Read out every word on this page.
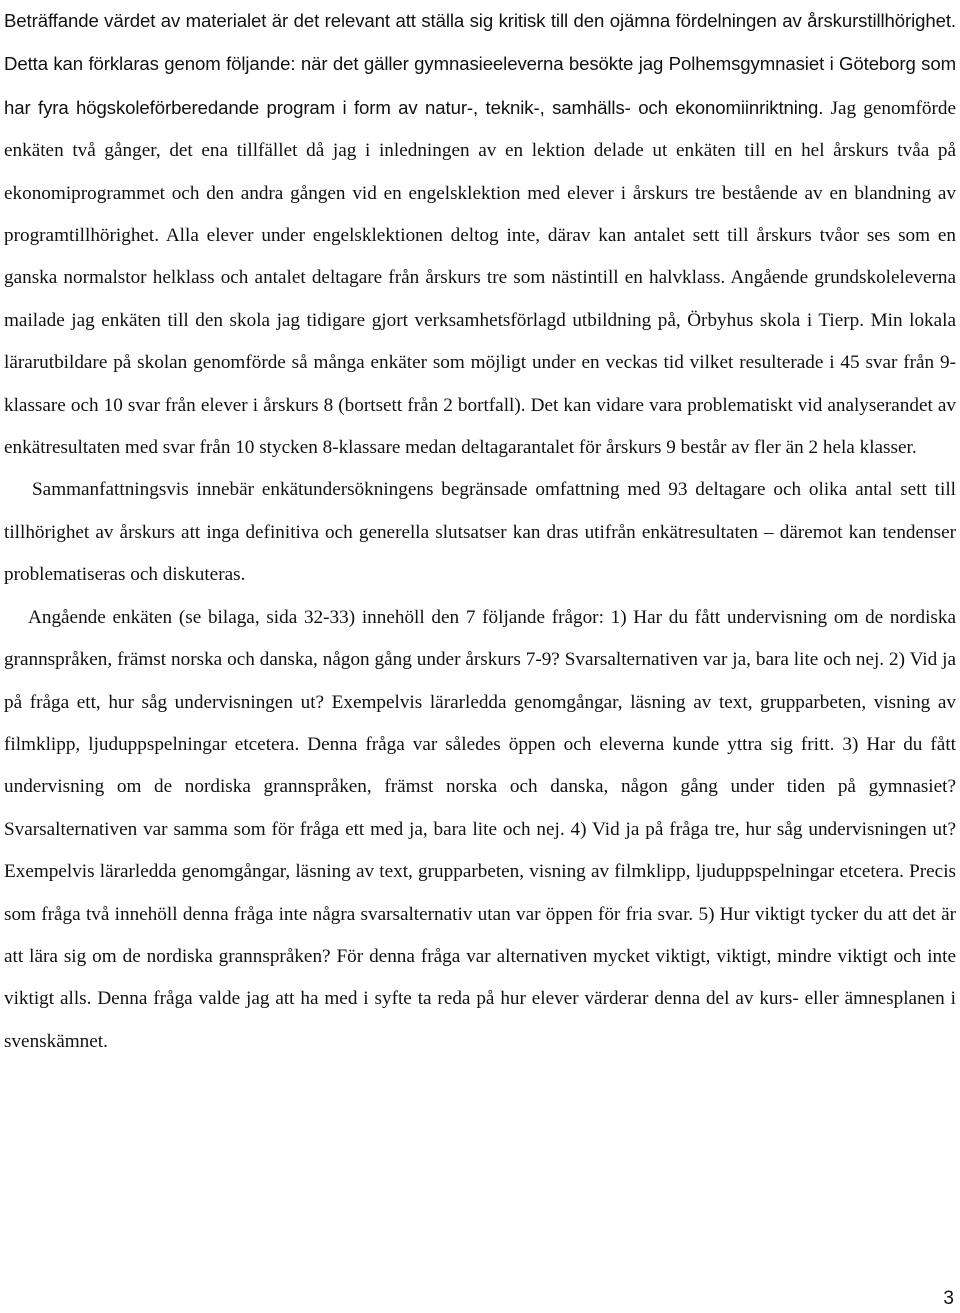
Beträffande värdet av materialet är det relevant att ställa sig kritisk till den ojämna fördelningen av årskurstillhörighet. Detta kan förklaras genom följande: när det gäller gymnasieeleverna besökte jag Polhemsgymnasiet i Göteborg som har fyra högskoleförberedande program i form av natur-, teknik-, samhälls- och ekonomiinriktning. Jag genomförde enkäten två gånger, det ena tillfället då jag i inledningen av en lektion delade ut enkäten till en hel årskurs tvåa på ekonomiprogrammet och den andra gången vid en engelsklektion med elever i årskurs tre bestående av en blandning av programtillhörighet. Alla elever under engelsklektionen deltog inte, därav kan antalet sett till årskurs tvåor ses som en ganska normalstor helklass och antalet deltagare från årskurs tre som nästintill en halvklass. Angående grundskoleleverna mailade jag enkäten till den skola jag tidigare gjort verksamhetsförlagd utbildning på, Örbyhus skola i Tierp. Min lokala lärarutbildare på skolan genomförde så många enkäter som möjligt under en veckas tid vilket resulterade i 45 svar från 9-klassare och 10 svar från elever i årskurs 8 (bortsett från 2 bortfall). Det kan vidare vara problematiskt vid analyserandet av enkätresultaten med svar från 10 stycken 8-klassare medan deltagarantalet för årskurs 9 består av fler än 2 hela klasser.

Sammanfattningsvis innebär enkätundersökningens begränsade omfattning med 93 deltagare och olika antal sett till tillhörighet av årskurs att inga definitiva och generella slutsatser kan dras utifrån enkätresultaten – däremot kan tendenser problematiseras och diskuteras.

Angående enkäten (se bilaga, sida 32-33) innehöll den 7 följande frågor: 1) Har du fått undervisning om de nordiska grannspråken, främst norska och danska, någon gång under årskurs 7-9? Svarsalternativen var ja, bara lite och nej. 2) Vid ja på fråga ett, hur såg undervisningen ut? Exempelvis lärarledda genomgångar, läsning av text, grupparbeten, visning av filmklipp, ljuduppspelningar etcetera. Denna fråga var således öppen och eleverna kunde yttra sig fritt. 3) Har du fått undervisning om de nordiska grannspråken, främst norska och danska, någon gång under tiden på gymnasiet? Svarsalternativen var samma som för fråga ett med ja, bara lite och nej. 4) Vid ja på fråga tre, hur såg undervisningen ut? Exempelvis lärarledda genomgångar, läsning av text, grupparbeten, visning av filmklipp, ljuduppspelningar etcetera. Precis som fråga två innehöll denna fråga inte några svarsalternativ utan var öppen för fria svar. 5) Hur viktigt tycker du att det är att lära sig om de nordiska grannspråken? För denna fråga var alternativen mycket viktigt, viktigt, mindre viktigt och inte viktigt alls. Denna fråga valde jag att ha med i syfte ta reda på hur elever värderar denna del av kurs- eller ämnesplanen i svenskämnet.

3
